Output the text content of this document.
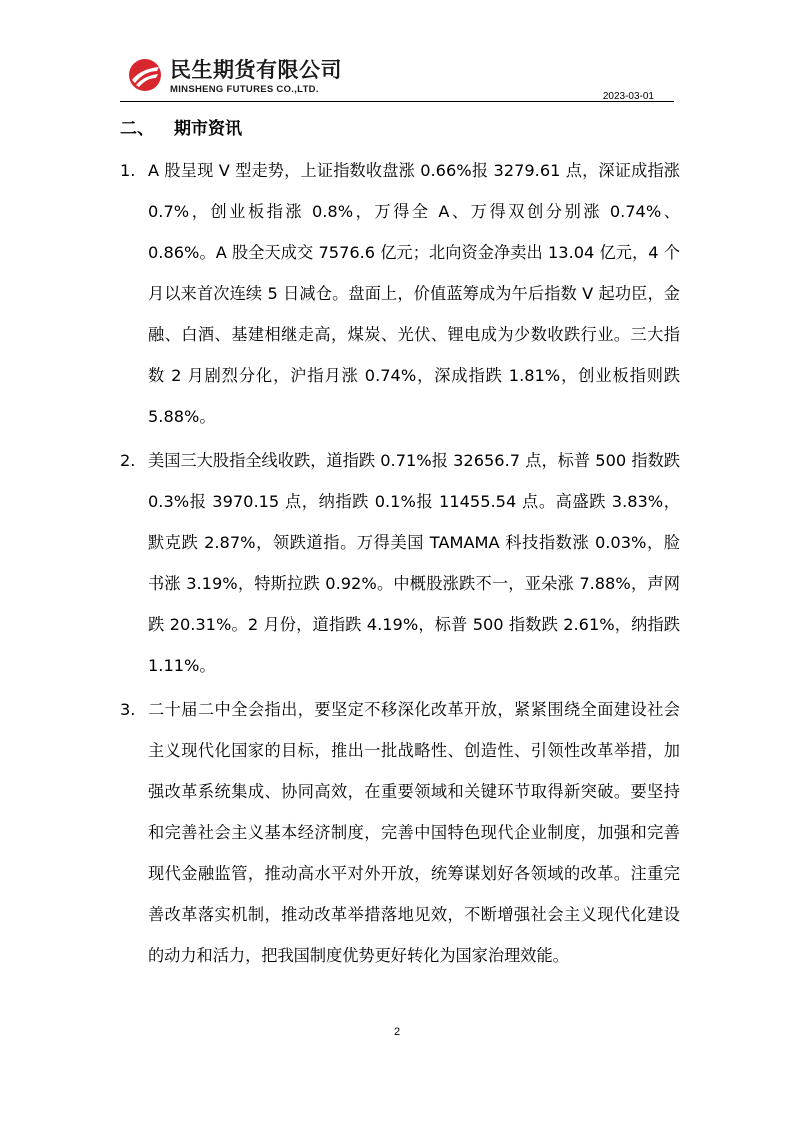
民生期货有限公司
MINSHENG FUTURES CO.,LTD.
2023-03-01
二、 期市资讯
1. A 股呈现 V 型走势，上证指数收盘涨 0.66%报 3279.61 点，深证成指涨 0.7%，创业板指涨 0.8%，万得全 A、万得双创分别涨 0.74%、0.86%。A 股全天成交 7576.6 亿元；北向资金净卖出 13.04 亿元，4 个月以来首次连续 5 日减仓。盘面上，价值蓝筹成为午后指数 V 起功臣，金融、白酒、基建相继走高，煤炭、光伏、锂电成为少数收跌行业。三大指数 2 月剧烈分化，沪指月涨 0.74%，深成指跌 1.81%，创业板指则跌 5.88%。
2. 美国三大股指全线收跌，道指跌 0.71%报 32656.7 点，标普 500 指数跌 0.3%报 3970.15 点，纳指跌 0.1%报 11455.54 点。高盛跌 3.83%，默克跌 2.87%，领跌道指。万得美国 TAMAMA 科技指数涨 0.03%，脸书涨 3.19%，特斯拉跌 0.92%。中概股涨跌不一，亚朵涨 7.88%，声网跌 20.31%。2 月份，道指跌 4.19%，标普 500 指数跌 2.61%，纳指跌 1.11%。
3. 二十届二中全会指出，要坚定不移深化改革开放，紧紧围绕全面建设社会主义现代化国家的目标，推出一批战略性、创造性、引领性改革举措，加强改革系统集成、协同高效，在重要领域和关键环节取得新突破。要坚持和完善社会主义基本经济制度，完善中国特色现代企业制度，加强和完善现代金融监管，推动高水平对外开放，统筹谋划好各领域的改革。注重完善改革落实机制，推动改革举措落地见效，不断增强社会主义现代化建设的动力和活力，把我国制度优势更好转化为国家治理效能。
2
